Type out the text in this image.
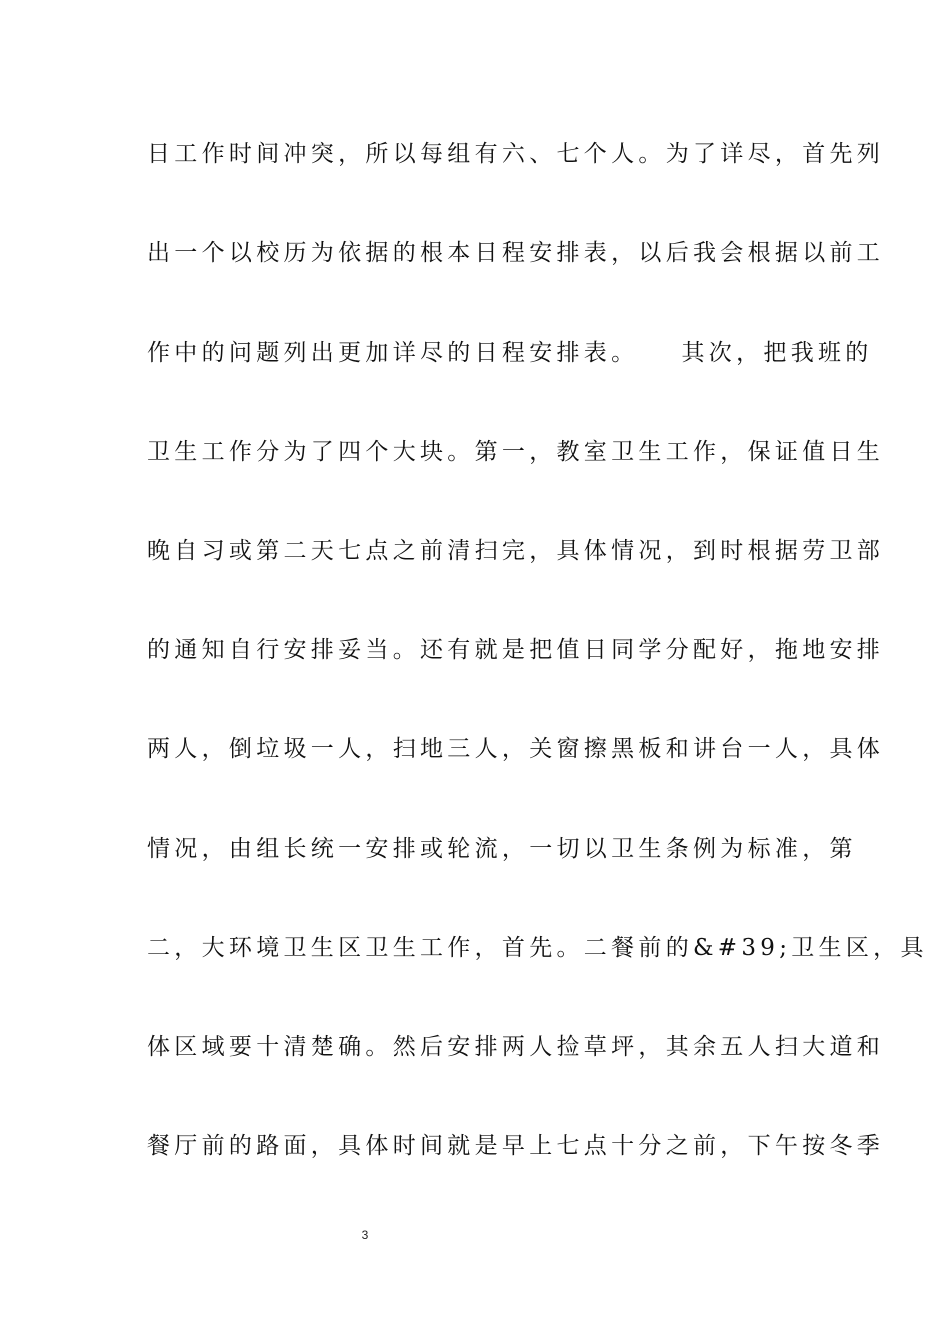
日工作时间冲突，所以每组有六、七个人。为了详尽，首先列
出一个以校历为依据的根本日程安排表，以后我会根据以前工
作中的问题列出更加详尽的日程安排表。　　其次，把我班的
卫生工作分为了四个大块。第一，教室卫生工作，保证值日生
晚自习或第二天七点之前清扫完，具体情况，到时根据劳卫部
的通知自行安排妥当。还有就是把值日同学分配好，拖地安排
两人，倒垃圾一人，扫地三人，关窗擦黑板和讲台一人，具体
情况，由组长统一安排或轮流，一切以卫生条例为标准，第
二，大环境卫生区卫生工作，首先。二餐前的&#39;卫生区，具
体区域要十清楚确。然后安排两人捡草坪，其余五人扫大道和
餐厅前的路面，具体时间就是早上七点十分之前，下午按冬季
3
